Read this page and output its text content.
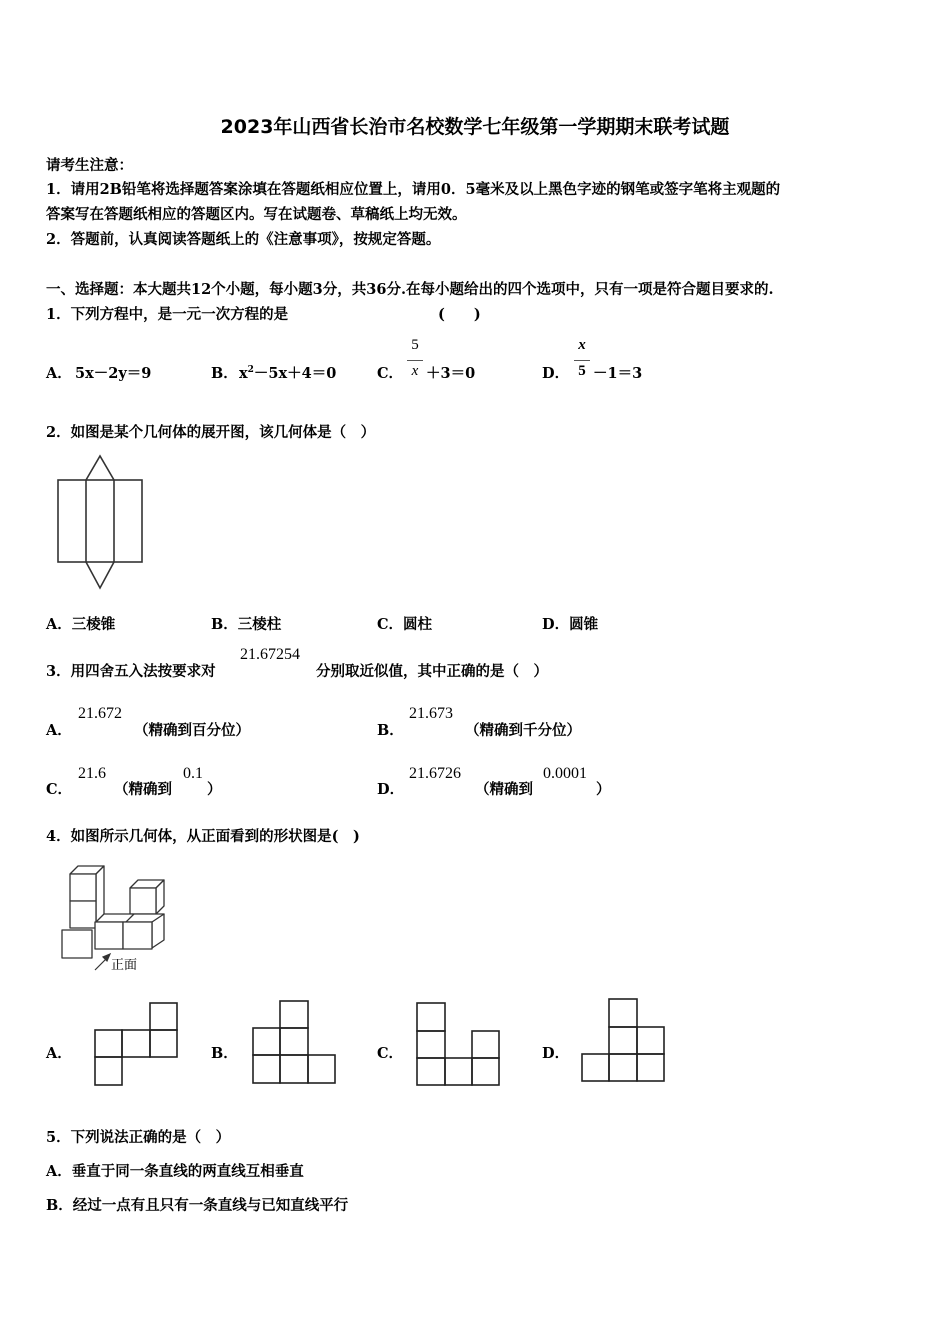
2023年山西省长治市名校数学七年级第一学期期末联考试题
请考生注意：
1．请用2B铅笔将选择题答案涂填在答题纸相应位置上，请用0．5毫米及以上黑色字迹的钢笔或签字笔将主观题的
答案写在答题纸相应的答题区内。写在试题卷、草稿纸上均无效。
2．答题前，认真阅读答题纸上的《注意事项》，按规定答题。
一、选择题：本大题共12个小题，每小题3分，共36分.在每小题给出的四个选项中，只有一项是符合题目要求的.
1．下列方程中，是一元一次方程的是	(　　)
A． 5x－2y＝9	B． $x^2-5x+4=0$	C．
5
x ＋3＝0	D．
x
5 －1＝3
2．如图是某个几何体的展开图，该几何体是（　）
A．三棱锥	B．三棱柱	C．圆柱	D．圆锥
3．用四舍五入法按要求对
21.67254
分别取近似值，其中正确的是（　）
A．
21.672
（精确到百分位）	B．
21.673
（精确到千分位）
C．
21.6
（精确到
0.1
）	D．
21.6726
（精确到
0.0001
）
4．如图所示几何体，从正面看到的形状图是(　)
正面
A．	B．	C．	D．
5．下列说法正确的是（　）
A．垂直于同一条直线的两直线互相垂直
B．经过一点有且只有一条直线与已知直线平行
